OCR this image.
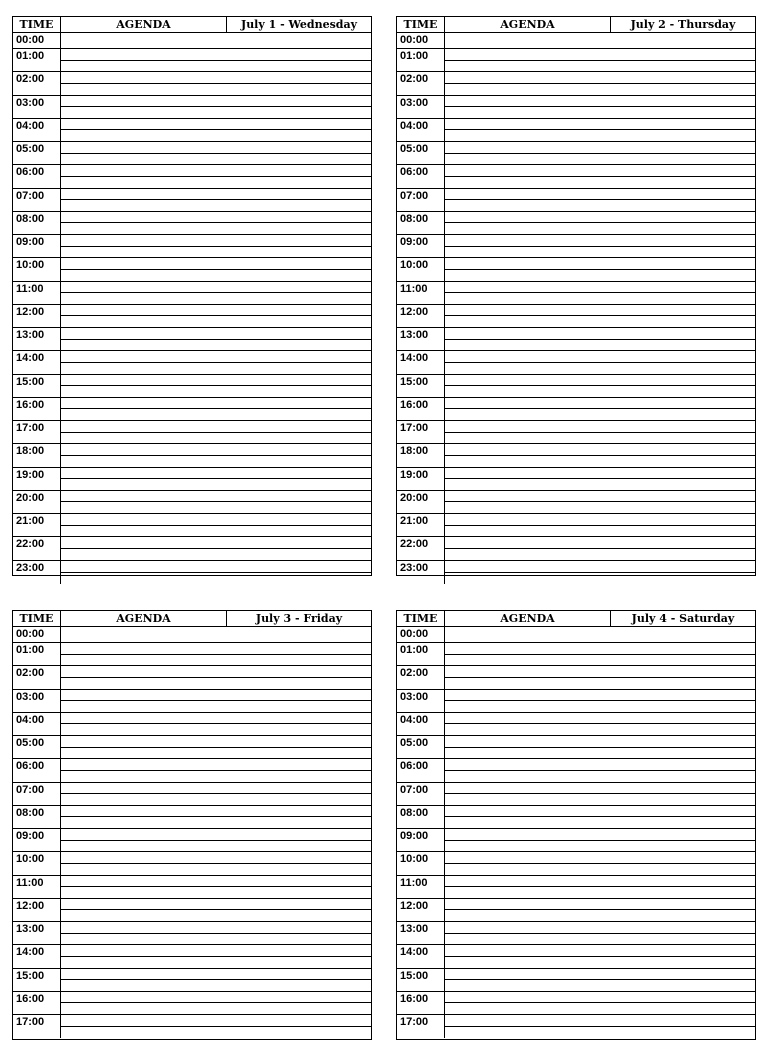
TIME	AGENDA	July 1 - Wednesday
00:00
01:00
02:00
03:00
04:00
05:00
06:00
07:00
08:00
09:00
10:00
11:00
12:00
13:00
14:00
15:00
16:00
17:00
18:00
19:00
20:00
21:00
22:00
23:00
TIME	AGENDA	July 2 - Thursday
00:00
01:00
02:00
03:00
04:00
05:00
06:00
07:00
08:00
09:00
10:00
11:00
12:00
13:00
14:00
15:00
16:00
17:00
18:00
19:00
20:00
21:00
22:00
23:00
TIME	AGENDA	July 3 - Friday
00:00
01:00
02:00
03:00
04:00
05:00
06:00
07:00
08:00
09:00
10:00
11:00
12:00
13:00
14:00
15:00
16:00
17:00
TIME	AGENDA	July 4 - Saturday
00:00
01:00
02:00
03:00
04:00
05:00
06:00
07:00
08:00
09:00
10:00
11:00
12:00
13:00
14:00
15:00
16:00
17:00
